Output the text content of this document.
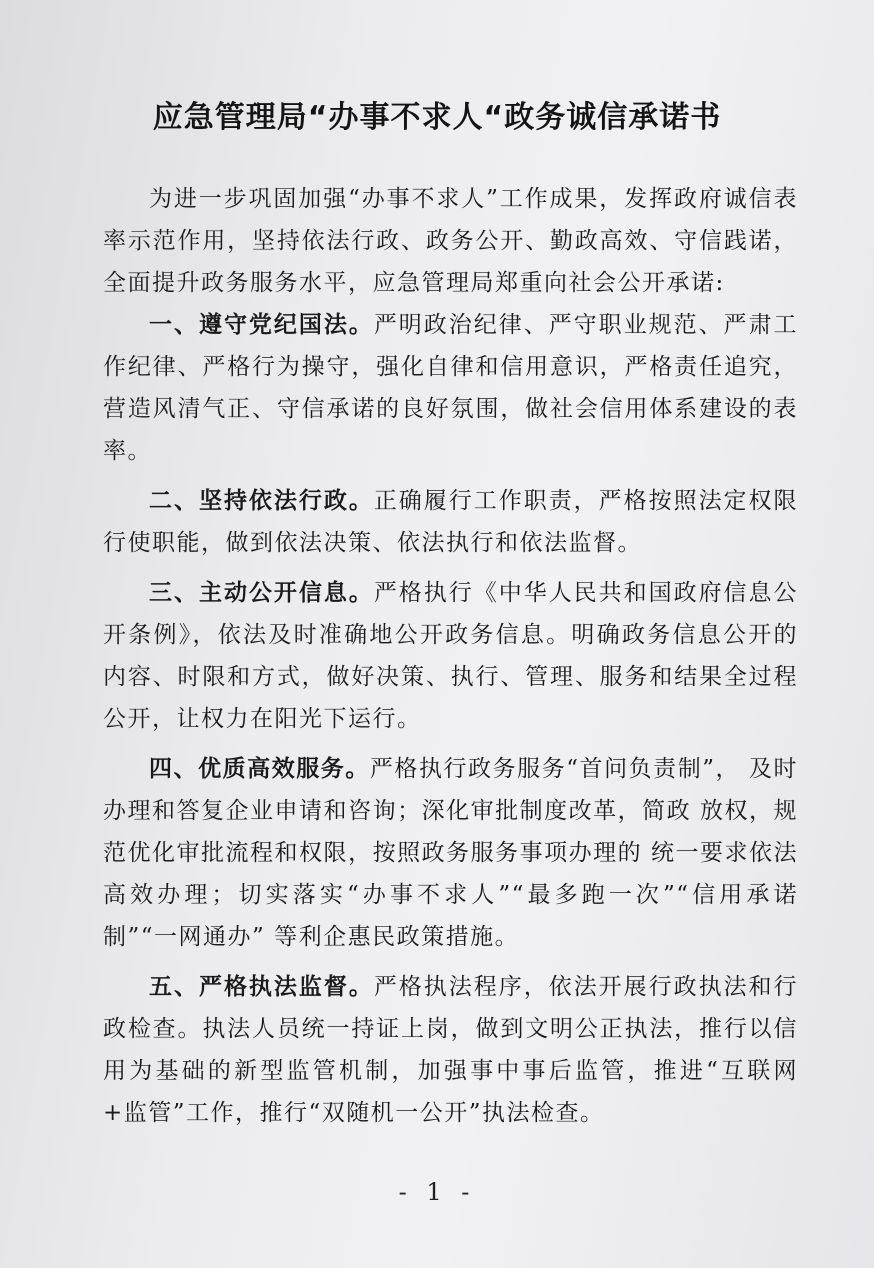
应急管理局“办事不求人“政务诚信承诺书

为进一步巩固加强“办事不求人”工作成果，发挥政府诚信表率示范作用，坚持依法行政、政务公开、勤政高效、守信践诺，全面提升政务服务水平，应急管理局郑重向社会公开承诺:

一、遵守党纪国法。严明政治纪律、严守职业规范、严肃工作纪律、严格行为操守，强化自律和信用意识，严格责任追究，营造风清气正、守信承诺的良好氛围，做社会信用体系建设的表率。

二、坚持依法行政。正确履行工作职责，严格按照法定权限行使职能，做到依法决策、依法执行和依法监督。

三、主动公开信息。严格执行《中华人民共和国政府信息公开条例》，依法及时准确地公开政务信息。明确政务信息公开的内容、时限和方式，做好决策、执行、管理、服务和结果全过程公开，让权力在阳光下运行。

四、优质高效服务。严格执行政务服务“首问负责制”， 及时办理和答复企业申请和咨询；深化审批制度改革，简政 放权，规范优化审批流程和权限，按照政务服务事项办理的 统一要求依法高效办理；切实落实“办事不求人”“最多跑一次”“信用承诺制”“一网通办” 等利企惠民政策措施。

五、严格执法监督。严格执法程序，依法开展行政执法和行政检查。执法人员统一持证上岗，做到文明公正执法，推行以信用为基础的新型监管机制，加强事中事后监管，推进“互联网+监管”工作，推行“双随机一公开”执法检查。

- 1 -
